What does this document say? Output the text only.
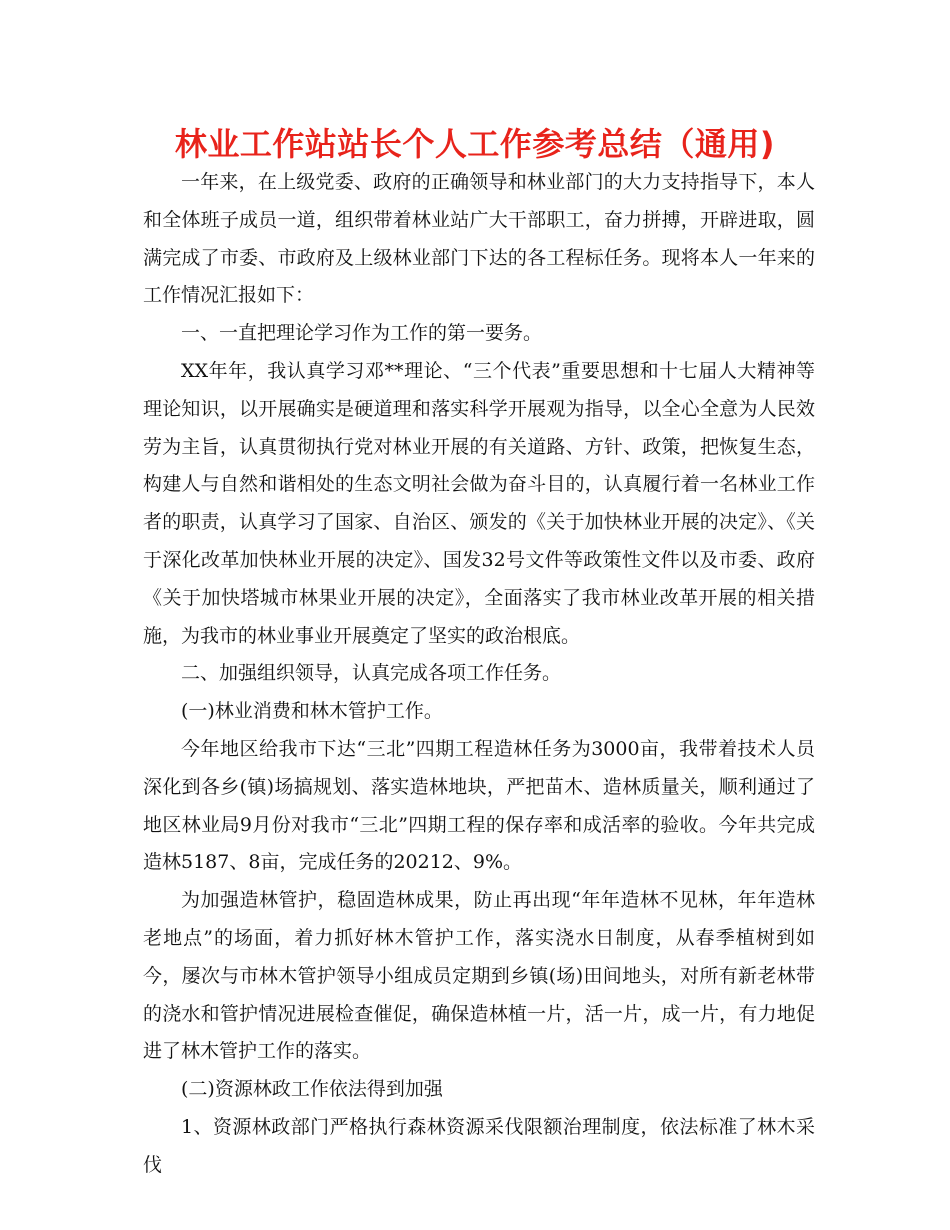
林业工作站站长个人工作参考总结（通用)

一年来，在上级党委、政府的正确领导和林业部门的大力支持指导下，本人和全体班子成员一道，组织带着林业站广大干部职工，奋力拼搏，开辟进取，圆满完成了市委、市政府及上级林业部门下达的各工程标任务。现将本人一年来的工作情况汇报如下：

一、一直把理论学习作为工作的第一要务。

XX年年，我认真学习邓**理论、“三个代表”重要思想和十七届人大精神等理论知识，以开展确实是硬道理和落实科学开展观为指导，以全心全意为人民效劳为主旨，认真贯彻执行党对林业开展的有关道路、方针、政策，把恢复生态，构建人与自然和谐相处的生态文明社会做为奋斗目的，认真履行着一名林业工作者的职责，认真学习了国家、自治区、颁发的《关于加快林业开展的决定》、《关于深化改革加快林业开展的决定》、国发32号文件等政策性文件以及市委、政府《关于加快塔城市林果业开展的决定》，全面落实了我市林业改革开展的相关措施，为我市的林业事业开展奠定了坚实的政治根底。

二、加强组织领导，认真完成各项工作任务。

(一)林业消费和林木管护工作。

今年地区给我市下达“三北”四期工程造林任务为3000亩，我带着技术人员深化到各乡(镇)场搞规划、落实造林地块，严把苗木、造林质量关，顺利通过了地区林业局9月份对我市“三北”四期工程的保存率和成活率的验收。今年共完成造林5187、8亩，完成任务的20212、9%。

为加强造林管护，稳固造林成果，防止再出现“年年造林不见林，年年造林老地点”的场面，着力抓好林木管护工作，落实浇水日制度，从春季植树到如今，屡次与市林木管护领导小组成员定期到乡镇(场)田间地头，对所有新老林带的浇水和管护情况进展检查催促，确保造林植一片，活一片，成一片，有力地促进了林木管护工作的落实。

(二)资源林政工作依法得到加强

1、资源林政部门严格执行森林资源采伐限额治理制度，依法标准了林木采伐
